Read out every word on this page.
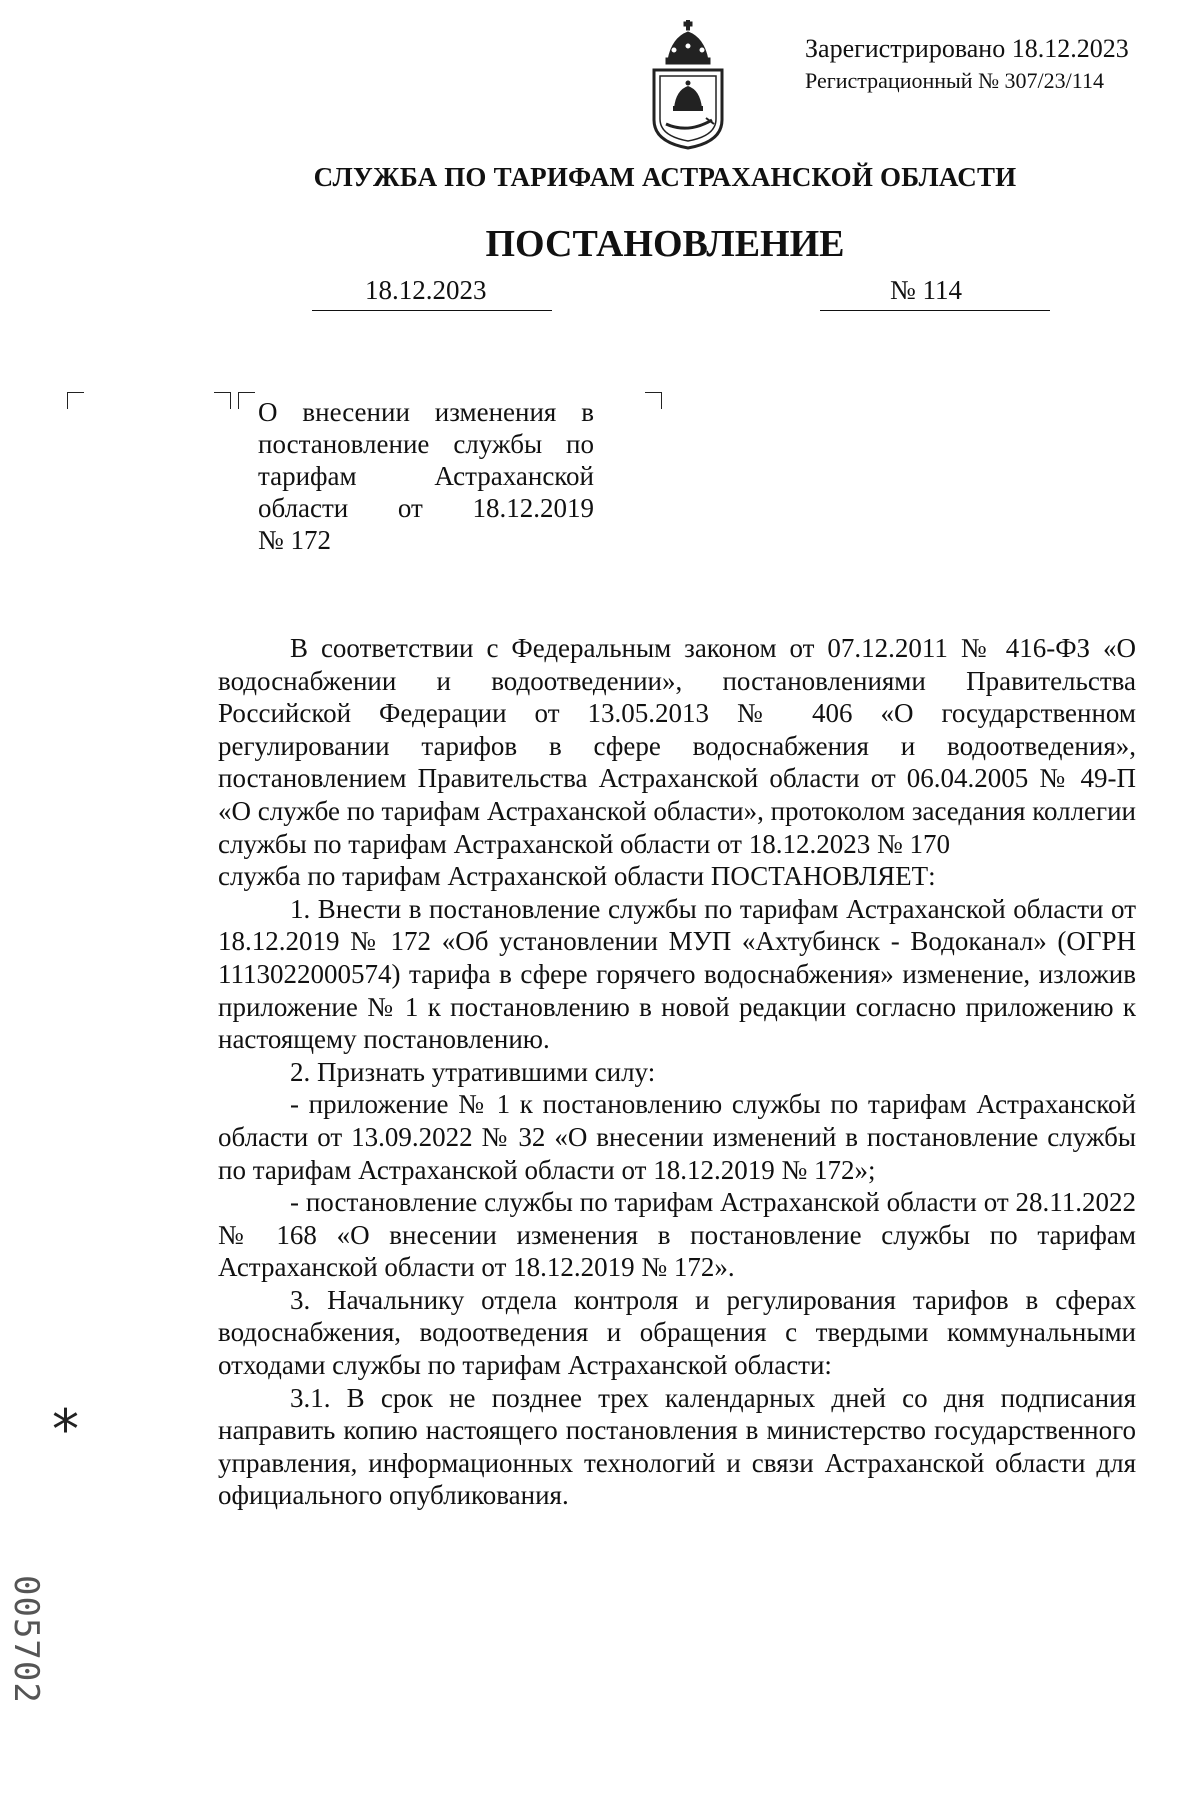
Зарегистрировано 18.12.2023
Регистрационный № 307/23/114
СЛУЖБА ПО ТАРИФАМ АСТРАХАНСКОЙ ОБЛАСТИ
ПОСТАНОВЛЕНИЕ
18.12.2023	№ 114
О внесении изменения в
постановление службы по
тарифам	Астраханской
области от 18.12.2019
№ 172

В соответствии с Федеральным законом от 07.12.2011 № 416-ФЗ «О водоснабжении и водоотведении», постановлениями Правительства Российской Федерации от 13.05.2013 № 406 «О государственном регулировании тарифов в сфере водоснабжения и водоотведения», постановлением Правительства Астраханской области от 06.04.2005 № 49-П «О службе по тарифам Астраханской области», протоколом заседания коллегии службы по тарифам Астраханской области от 18.12.2023 № 170

служба по тарифам Астраханской области ПОСТАНОВЛЯЕТ:

1. Внести в постановление службы по тарифам Астраханской области от 18.12.2019 № 172 «Об установлении МУП «Ахтубинск - Водоканал» (ОГРН 1113022000574) тарифа в сфере горячего водоснабжения» изменение, изложив приложение № 1 к постановлению в новой редакции согласно приложению к настоящему постановлению.

2. Признать утратившими силу:

- приложение № 1 к постановлению службы по тарифам Астраханской области от 13.09.2022 № 32 «О внесении изменений в постановление службы по тарифам Астраханской области от 18.12.2019 № 172»;

- постановление службы по тарифам Астраханской области от 28.11.2022 № 168 «О внесении изменения в постановление службы по тарифам Астраханской области от 18.12.2019 № 172».

3. Начальнику отдела контроля и регулирования тарифов в сферах водоснабжения, водоотведения и обращения с твердыми коммунальными отходами службы по тарифам Астраханской области:

3.1. В срок не позднее трех календарных дней со дня подписания направить копию настоящего постановления в министерство государственного управления, информационных технологий и связи Астраханской области для официального опубликования.

*
005702
